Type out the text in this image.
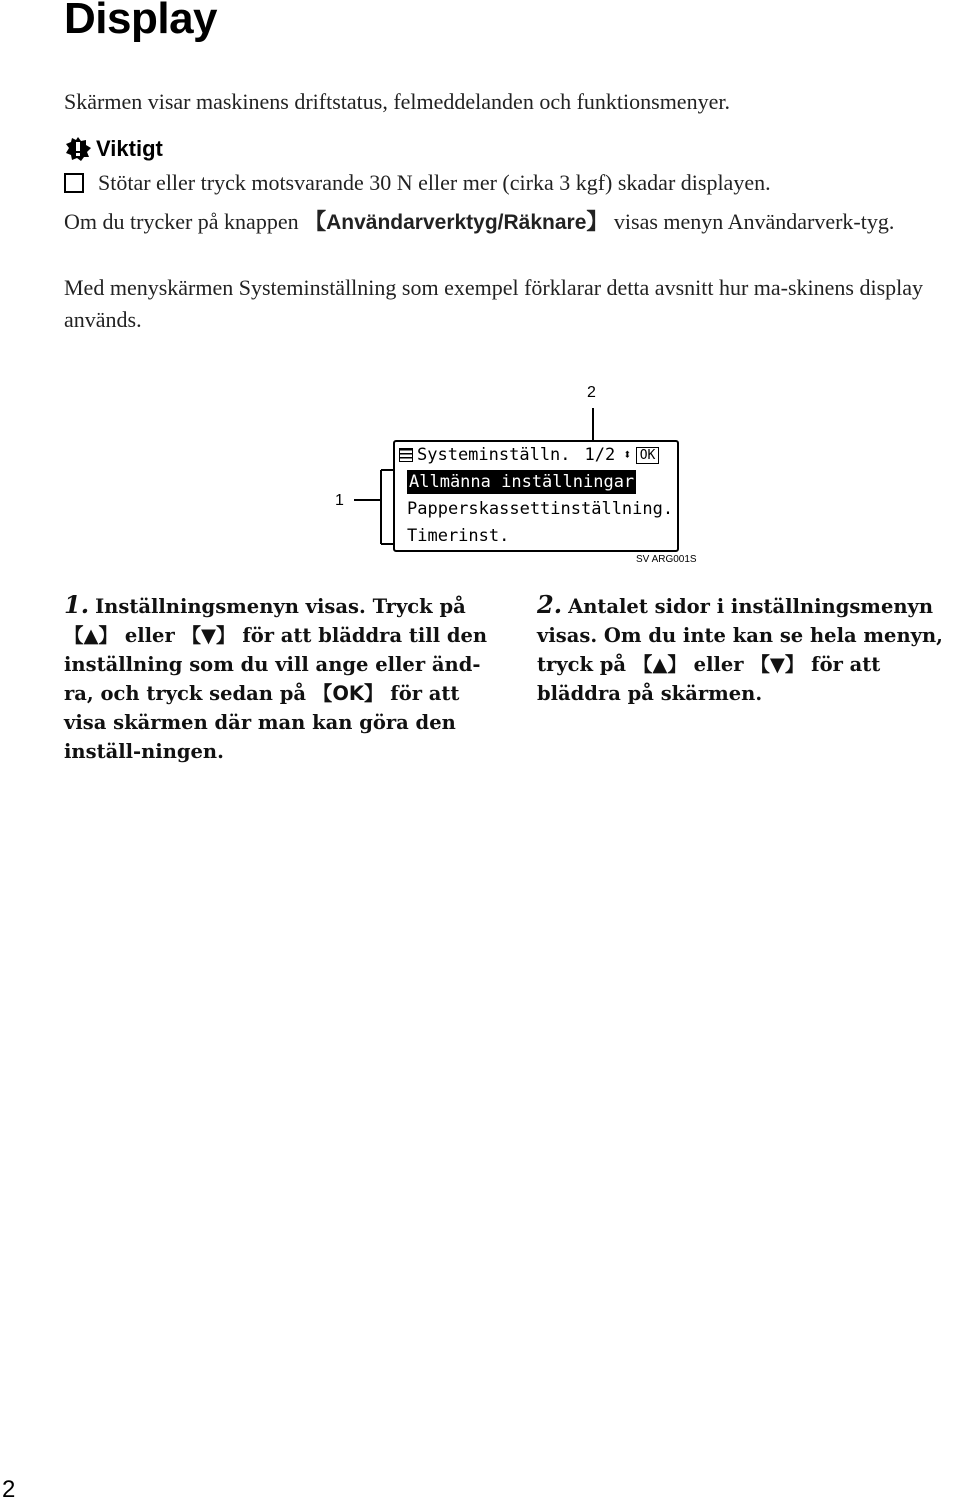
Display
Skärmen visar maskinens driftstatus, felmeddelanden och funktionsmenyer.
Viktigt
Stötar eller tryck motsvarande 30 N eller mer (cirka 3 kgf) skadar displayen.
Om du trycker på knappen 【Användarverktyg/Räknare】 visas menyn Användarverk-tyg.
Med menyskärmen Systeminställning som exempel förklarar detta avsnitt hur ma-skinens display används.
2
1
Systeminställn. 1/2 ⬍ OK
Allmänna inställningar
Papperskassettinställning.
Timerinst.
SV ARG001S
1. Inställningsmenyn visas. Tryck på 【▲】 eller 【▼】 för att bläddra till den inställning som du vill ange eller änd-ra, och tryck sedan på 【OK】 för att visa skärmen där man kan göra den inställ-ningen.
2. Antalet sidor i inställningsmenyn visas. Om du inte kan se hela menyn, tryck på 【▲】 eller 【▼】 för att bläddra på skärmen.
2
